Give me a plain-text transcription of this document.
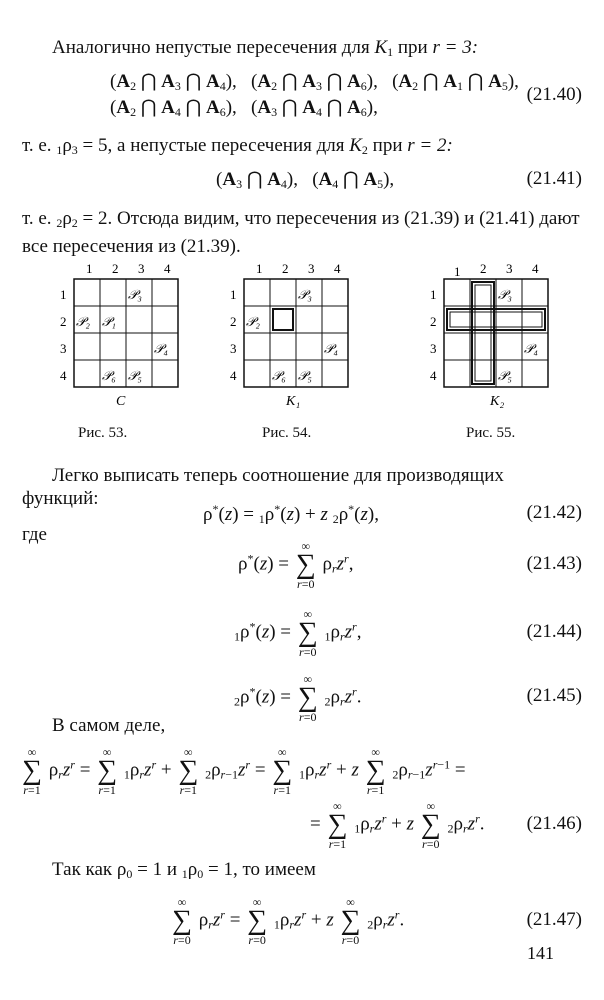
Аналогично непустые пересечения для $K_1$ при r = 3:
($A_2$ ⋂ $A_3$ ⋂ $A_4$),   ($A_2$ ⋂ $A_3$ ⋂ $A_6$),   ($A_2$ ⋂ $A_1$ ⋂ $A_5$),
($A_2$ ⋂ $A_4$ ⋂ $A_6$),   ($A_3$ ⋂ $A_4$ ⋂ $A_6$),
(21.40)
т. е. $1\rho_3 = 5$, а непустые пересечения для $K_2$ при r = 2:
($A_3$ ⋂ $A_4$),   ($A_4$ ⋂ $A_5$),	(21.41)
т. е. $2\rho_2 = 2$. Отсюда видим, что пересечения из (21.39) и (21.41) дают все пересечения из (21.39).
1 2 3 4
1
2
3
4
𝒫₃
𝒫₂ 𝒫₁
𝒫₄
𝒫₆ 𝒫₅
C
1 2 3 4
1
2
3
4
𝒫₃
𝒫₂
𝒫₄
𝒫₆ 𝒫₅
K₁
1 2 3 4
1
2
3
4
𝒫₃
𝒫₄
𝒫₅
K₂
Рис. 53.	Рис. 54.	Рис. 55.
Легко выписать теперь соотношение для производящих функций:
ρ*(z) = 1ρ*(z) + z 2ρ*(z),	(21.42)
где
ρ*(z) =
∞
∑
r=0
$\rho_rz^r$,	(21.43)
1ρ*(z) =
∞
∑
r=0
$1\rho_rz^r$,	(21.44)
2ρ*(z) =
∞
∑
r=0
$2\rho_rz^r$.	(21.45)
В самом деле,
∞
∑
r=1
$\rho_rz^r$ =
∞
∑
r=1
$1\rho_rz^r$ +
∞
∑
r=1
$2\rho_{r-1}z^r$ =
∞
∑
r=1
$1\rho_rz^r + z$
∞
∑
r=1
$2\rho_{r-1}z^{r-1}$ =
=
∞
∑
r=1
$1\rho_rz^r + z$
∞
∑
r=0
$2\rho_rz^r$. (21.46)
Так как $\rho_0 = 1$ и $1\rho_0 = 1$, то имеем
∞
∑
r=0
$\rho_rz^r$ =
∞
∑
r=0
$1\rho_rz^r + z$
∞
∑
r=0
$2\rho_rz^r$.	(21.47)
141
